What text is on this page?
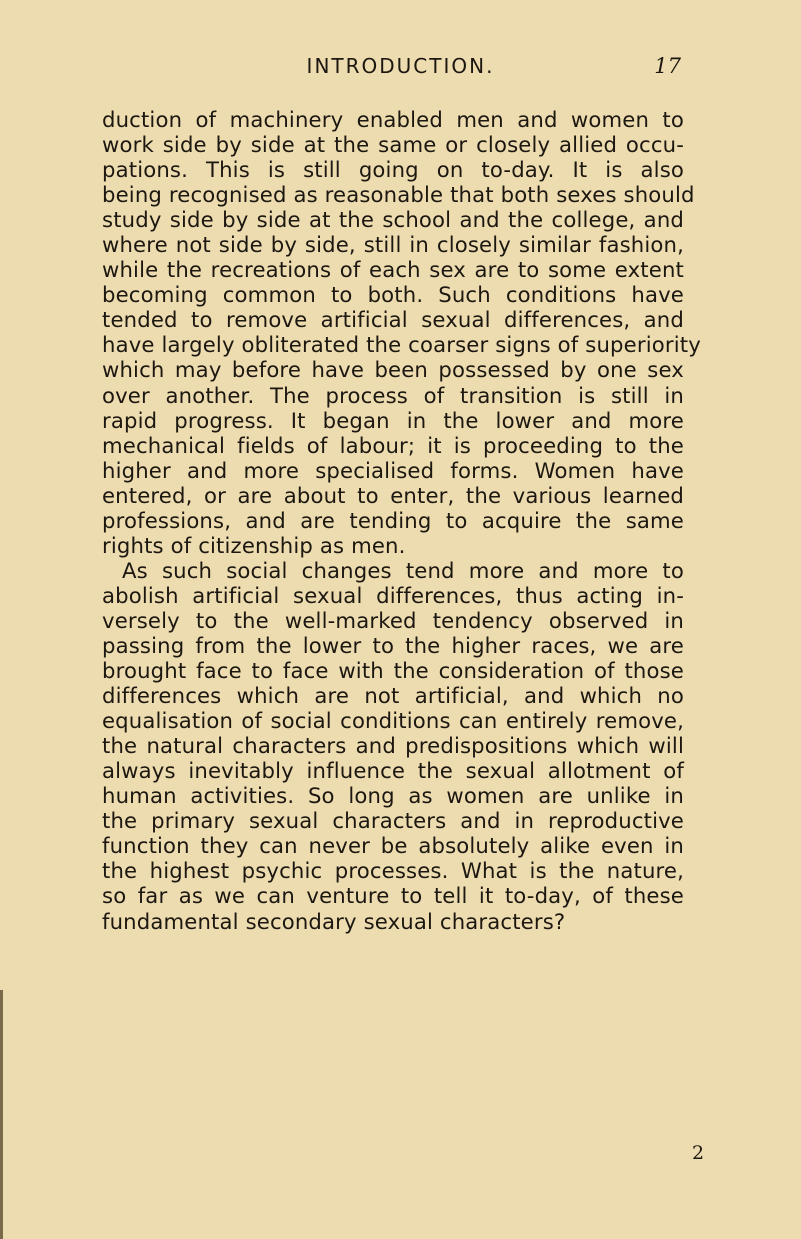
INTRODUCTION.	17
duction of machinery enabled men and women to
work side by side at the same or closely allied occu-
pations. This is still going on to-day. It is also
being recognised as reasonable that both sexes should
study side by side at the school and the college, and
where not side by side, still in closely similar fashion,
while the recreations of each sex are to some extent
becoming common to both. Such conditions have
tended to remove artificial sexual differences, and
have largely obliterated the coarser signs of superiority
which may before have been possessed by one sex
over another. The process of transition is still in
rapid progress. It began in the lower and more
mechanical fields of labour; it is proceeding to the
higher and more specialised forms. Women have
entered, or are about to enter, the various learned
professions, and are tending to acquire the same
rights of citizenship as men.
As such social changes tend more and more to
abolish artificial sexual differences, thus acting in-
versely to the well-marked tendency observed in
passing from the lower to the higher races, we are
brought face to face with the consideration of those
differences which are not artificial, and which no
equalisation of social conditions can entirely remove,
the natural characters and predispositions which will
always inevitably influence the sexual allotment of
human activities. So long as women are unlike in
the primary sexual characters and in reproductive
function they can never be absolutely alike even in
the highest psychic processes. What is the nature,
so far as we can venture to tell it to-day, of these
fundamental secondary sexual characters?
2
